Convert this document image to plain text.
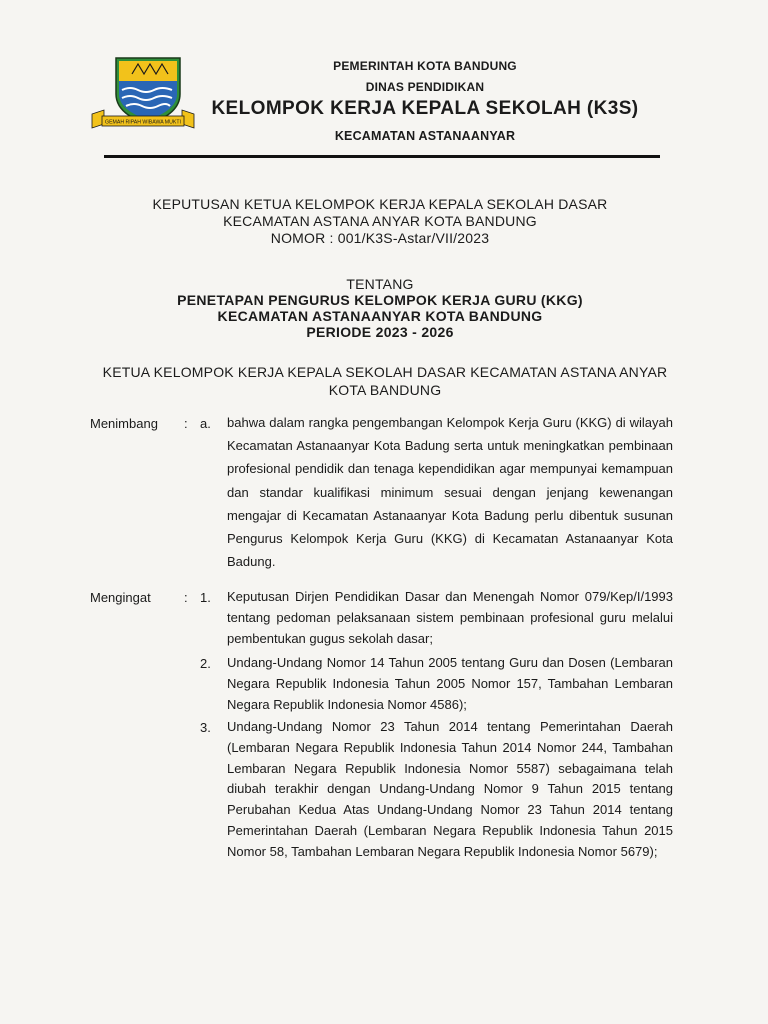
GEMAH RIPAH WIBAWA MUKTI
PEMERINTAH KOTA BANDUNG
DINAS PENDIDIKAN
KELOMPOK KERJA KEPALA SEKOLAH (K3S)
KECAMATAN ASTANAANYAR
KEPUTUSAN KETUA KELOMPOK KERJA KEPALA SEKOLAH DASAR
KECAMATAN ASTANA ANYAR KOTA BANDUNG
NOMOR : 001/K3S-Astar/VII/2023
TENTANG
PENETAPAN PENGURUS KELOMPOK KERJA GURU (KKG)
KECAMATAN ASTANAANYAR KOTA BANDUNG
PERIODE 2023 - 2026
KETUA KELOMPOK KERJA KEPALA SEKOLAH DASAR KECAMATAN ASTANA ANYAR
KOTA BANDUNG
Menimbang : a. bahwa dalam rangka pengembangan Kelompok Kerja Guru (KKG) di wilayah Kecamatan Astanaanyar Kota Badung serta untuk meningkatkan pembinaan profesional pendidik dan tenaga kependidikan agar mempunyai kemampuan dan standar kualifikasi minimum sesuai dengan jenjang kewenangan mengajar di Kecamatan Astanaanyar Kota Badung perlu dibentuk susunan Pengurus Kelompok Kerja Guru (KKG) di Kecamatan Astanaanyar Kota Badung.
Mengingat	: 1. Keputusan Dirjen Pendidikan Dasar dan Menengah Nomor 079/Kep/I/1993 tentang pedoman pelaksanaan sistem pembinaan profesional guru melalui pembentukan gugus sekolah dasar;
2. Undang-Undang Nomor 14 Tahun 2005 tentang Guru dan Dosen (Lembaran Negara Republik Indonesia Tahun 2005 Nomor 157, Tambahan Lembaran Negara Republik Indonesia Nomor 4586);
3. Undang-Undang Nomor 23 Tahun 2014 tentang Pemerintahan Daerah (Lembaran Negara Republik Indonesia Tahun 2014 Nomor 244, Tambahan Lembaran Negara Republik Indonesia Nomor 5587) sebagaimana telah diubah terakhir dengan Undang-Undang Nomor 9 Tahun 2015 tentang Perubahan Kedua Atas Undang-Undang Nomor 23 Tahun 2014 tentang Pemerintahan Daerah (Lembaran Negara Republik Indonesia Tahun 2015 Nomor 58, Tambahan Lembaran Negara Republik Indonesia Nomor 5679);
